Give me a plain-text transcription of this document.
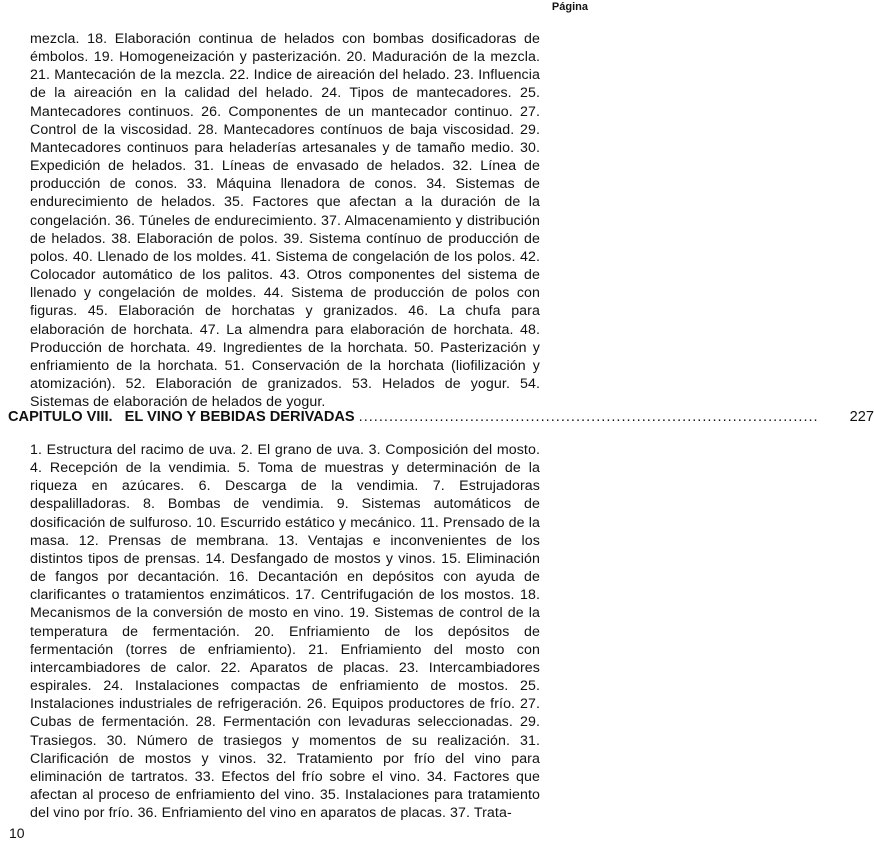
Página

mezcla. 18. Elaboración continua de helados con bombas dosificadoras de émbolos. 19. Homogeneización y pasterización. 20. Maduración de la mezcla. 21. Mantecación de la mezcla. 22. Indice de aireación del helado. 23. Influencia de la aireación en la calidad del helado. 24. Tipos de mantecadores. 25. Mantecadores continuos. 26. Componentes de un mantecador continuo. 27. Control de la viscosidad. 28. Mantecadores contínuos de baja viscosidad. 29. Mantecadores continuos para heladerías artesanales y de tamaño medio. 30. Expedición de helados. 31. Líneas de envasado de helados. 32. Línea de producción de conos. 33. Máquina llenadora de conos. 34. Sistemas de endurecimiento de helados. 35. Factores que afectan a la duración de la congelación. 36. Túneles de endurecimiento. 37. Almacenamiento y distribución de helados. 38. Elaboración de polos. 39. Sistema contínuo de producción de polos. 40. Llenado de los moldes. 41. Sistema de congelación de los polos. 42. Colocador automático de los palitos. 43. Otros componentes del sistema de llenado y congelación de moldes. 44. Sistema de producción de polos con figuras. 45. Elaboración de horchatas y granizados. 46. La chufa para elaboración de horchata. 47. La almendra para elaboración de horchata. 48. Producción de horchata. 49. Ingredientes de la horchata. 50. Pasterización y enfriamiento de la horchata. 51. Conservación de la horchata (liofilización y atomización). 52. Elaboración de granizados. 53. Helados de yogur. 54. Sistemas de elaboración de helados de yogur.

CAPITULO VIII. EL VINO Y BEBIDAS DERIVADAS ........................................................................................... 227

1. Estructura del racimo de uva. 2. El grano de uva. 3. Composición del mosto. 4. Recepción de la vendimia. 5. Toma de muestras y determinación de la riqueza en azúcares. 6. Descarga de la vendimia. 7. Estrujadoras despalilladoras. 8. Bombas de vendimia. 9. Sistemas automáticos de dosificación de sulfuroso. 10. Escurrido estático y mecánico. 11. Prensado de la masa. 12. Prensas de membrana. 13. Ventajas e inconvenientes de los distintos tipos de prensas. 14. Desfangado de mostos y vinos. 15. Eliminación de fangos por decantación. 16. Decantación en depósitos con ayuda de clarificantes o tratamientos enzimáticos. 17. Centrifugación de los mostos. 18. Mecanismos de la conversión de mosto en vino. 19. Sistemas de control de la temperatura de fermentación. 20. Enfriamiento de los depósitos de fermentación (torres de enfriamiento). 21. Enfriamiento del mosto con intercambiadores de calor. 22. Aparatos de placas. 23. Intercambiadores espirales. 24. Instalaciones compactas de enfriamiento de mostos. 25. Instalaciones industriales de refrigeración. 26. Equipos productores de frío. 27. Cubas de fermentación. 28. Fermentación con levaduras seleccionadas. 29. Trasiegos. 30. Número de trasiegos y momentos de su realización. 31. Clarificación de mostos y vinos. 32. Tratamiento por frío del vino para eliminación de tartratos. 33. Efectos del frío sobre el vino. 34. Factores que afectan al proceso de enfriamiento del vino. 35. Instalaciones para tratamiento del vino por frío. 36. Enfriamiento del vino en aparatos de placas. 37. Trata-

10
